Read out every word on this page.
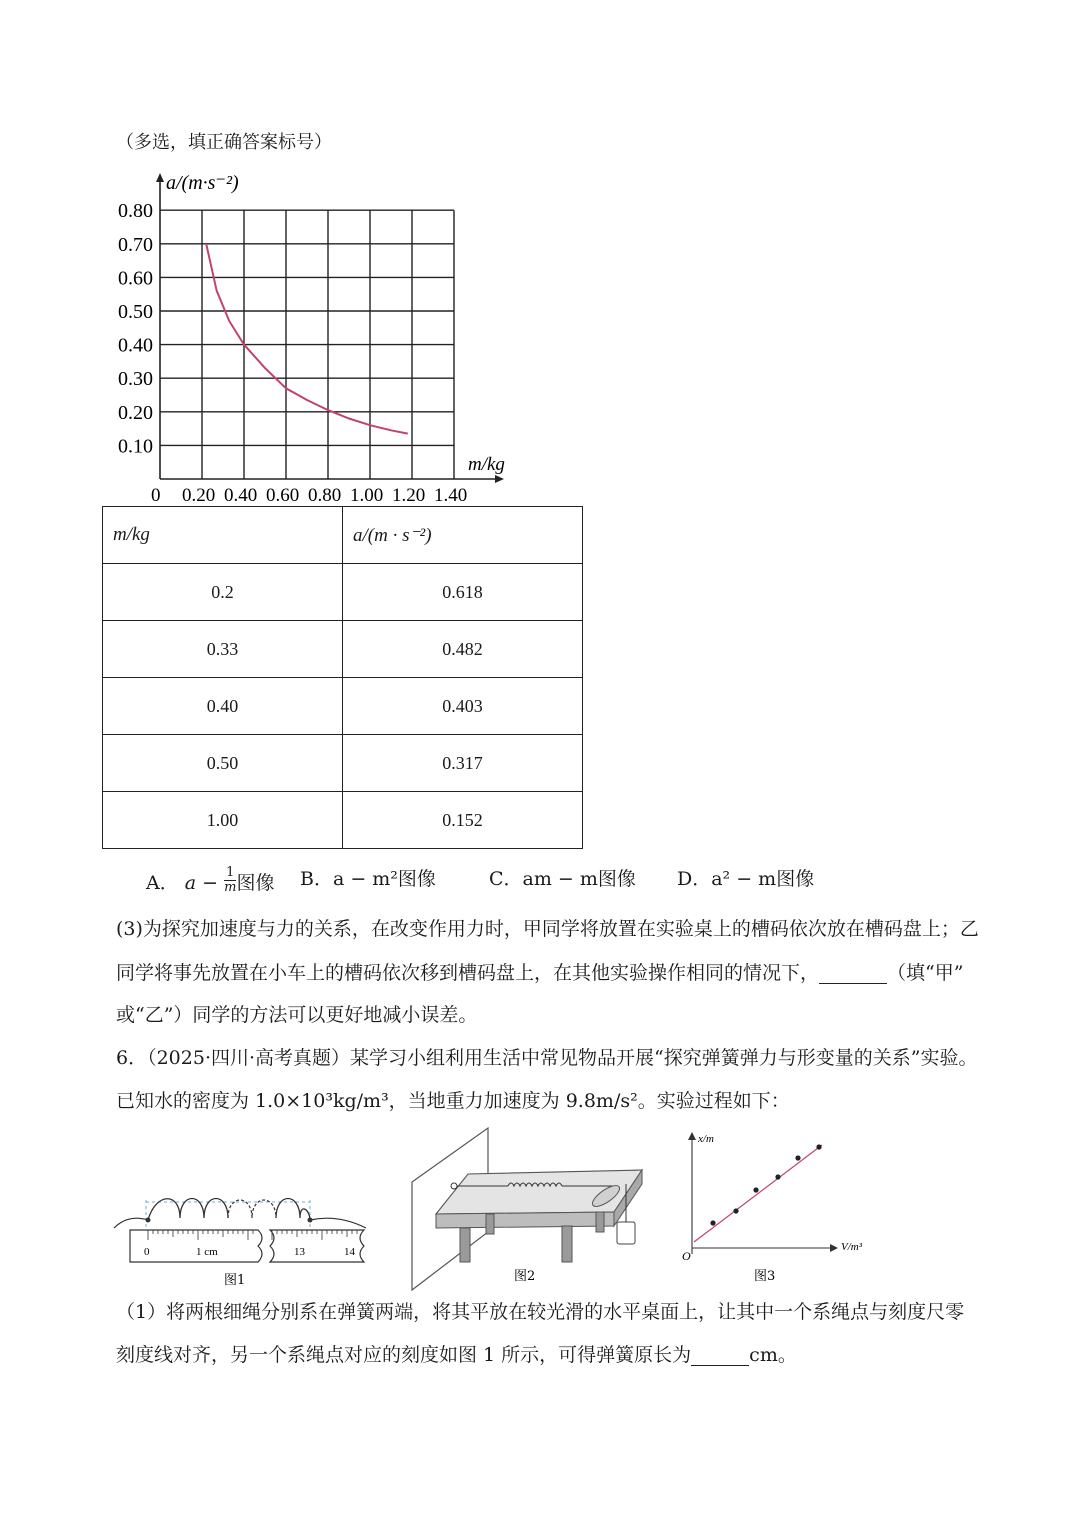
（多选，填正确答案标号）
0.80
0.70
0.60
0.50
0.40
0.30
0.20
0.10
0 0.20 0.40 0.60 0.80 1.00 1.20 1.40
a/(m·s⁻²)
m/kg
m/kg	a/(m · s⁻²)
0.2	0.618
0.33	0.482
0.40	0.403
0.50	0.317
1.00	0.152
A． $a - \frac{1}{m}$ 图像 B．a − m²图像	C．am − m图像 D．a² − m图像
(3)为探究加速度与力的关系，在改变作用力时，甲同学将放置在实验桌上的槽码依次放在槽码盘上；乙
同学将事先放置在小车上的槽码依次移到槽码盘上，在其他实验操作相同的情况下，	（填“甲”
或“乙”）同学的方法可以更好地减小误差。
6．（2025·四川·高考真题）某学习小组利用生活中常见物品开展“探究弹簧弹力与形变量的关系”实验。
已知水的密度为 1.0×10³kg/m³，当地重力加速度为 9.8m/s²。实验过程如下：
0	1 cm	13	14
图1	图2
x/m
V/m³
O
图3
（1）将两根细绳分别系在弹簧两端，将其平放在较光滑的水平桌面上，让其中一个系绳点与刻度尺零
刻度线对齐，另一个系绳点对应的刻度如图 1 所示，可得弹簧原长为	cm。
